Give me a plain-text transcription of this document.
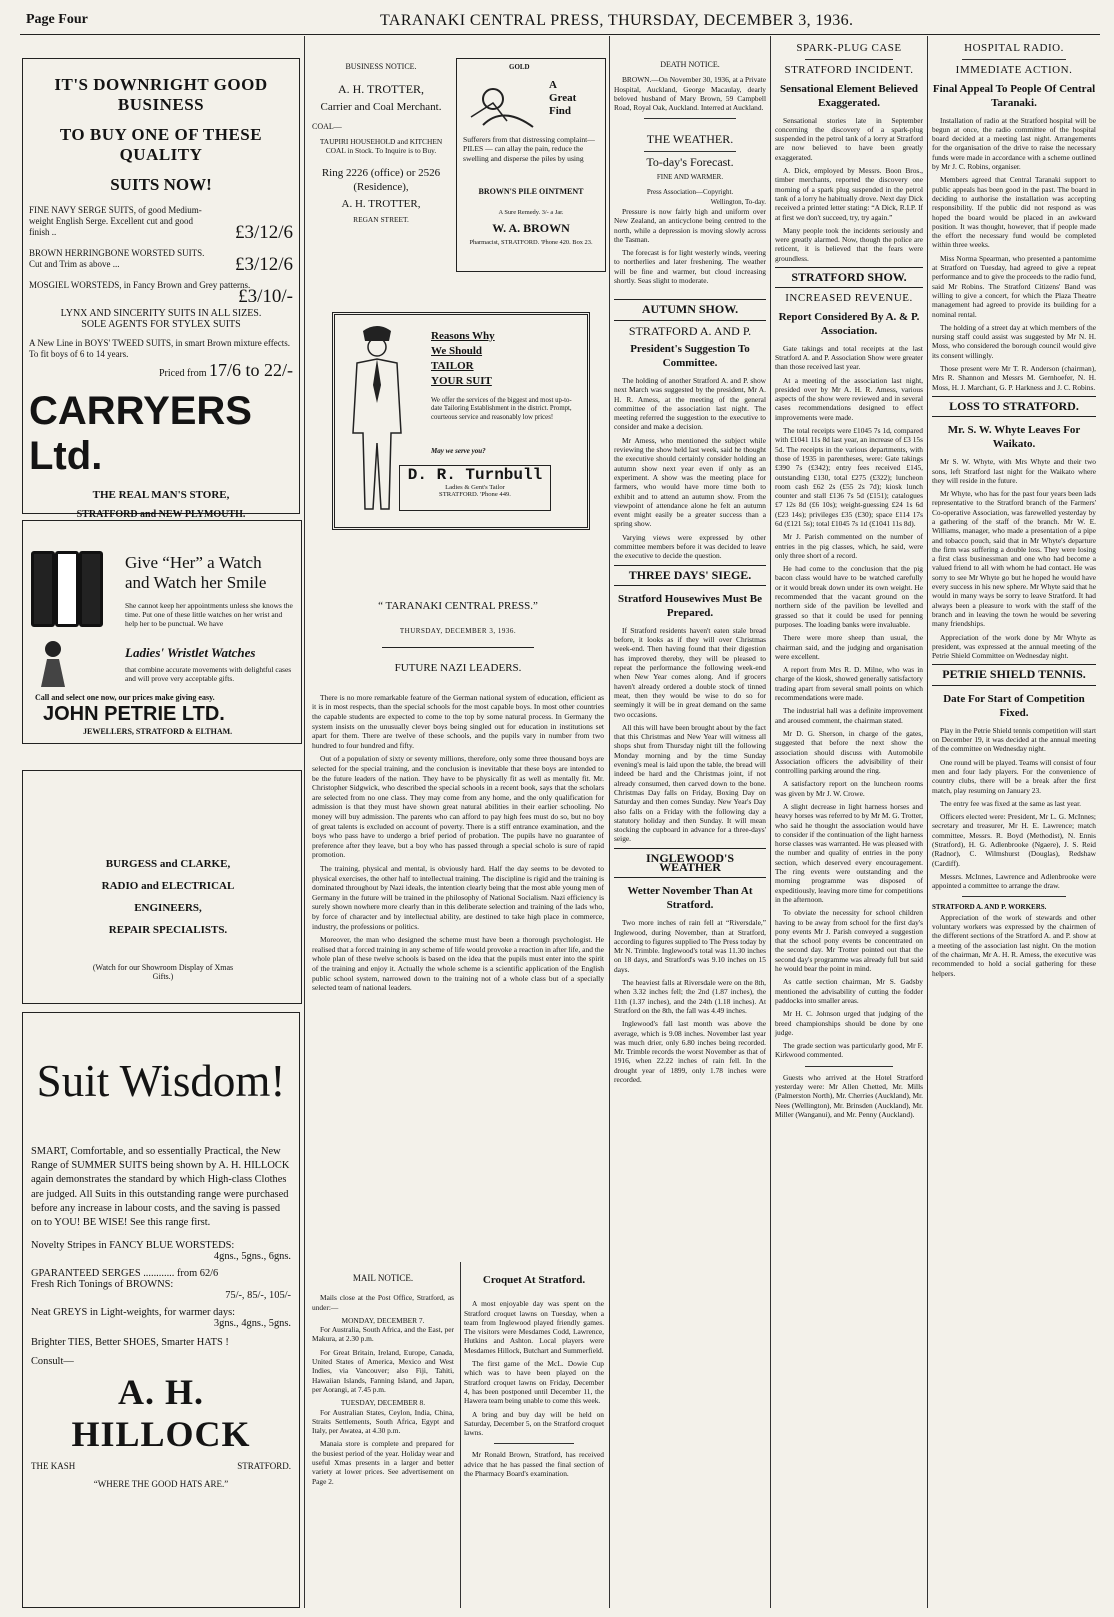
Page Four	TARANAKI CENTRAL PRESS, THURSDAY, DECEMBER 3, 1936.
IT'S DOWNRIGHT GOOD BUSINESS
TO BUY ONE OF THESE QUALITY
SUITS NOW!
FINE NAVY SERGE SUITS, of good Medium-weight English Serge. Excellent cut and good finish ..	£3/12/6
BROWN HERRINGBONE WORSTED SUITS. Cut and Trim as above ...	£3/12/6
MOSGIEL WORSTEDS, in Fancy Brown and Grey patterns.
£3/10/-
LYNX AND SINCERITY SUITS IN ALL SIZES.
SOLE AGENTS FOR STYLEX SUITS
A New Line in BOYS' TWEED SUITS, in smart Brown mixture effects. To fit boys of 6 to 14 years.
Priced from 17/6 to 22/-
CARRYERS Ltd.
THE REAL MAN'S STORE,
STRATFORD and NEW PLYMOUTH.
Give “Her” a Watch
and Watch her Smile
She cannot keep her appointments unless she knows the time. Put one of these little watches on her wrist and help her to be punctual. We have
Ladies' Wristlet Watches
that combine accurate movements with delightful cases and will prove very acceptable gifts.
Call and select one now, our prices make giving easy.
JOHN PETRIE LTD.
JEWELLERS, STRATFORD & ELTHAM.
BURGESS and CLARKE,
RADIO and ELECTRICAL
ENGINEERS,
REPAIR SPECIALISTS.
(Watch for our Showroom Display of Xmas Gifts.)
Suit Wisdom!
SMART, Comfortable, and so essentially Practical, the New Range of SUMMER SUITS being shown by A. H. HILLOCK again demonstrates the standard by which High-class Clothes are judged. All Suits in this outstanding range were purchased before any increase in labour costs, and the saving is passed on to YOU! BE WISE! See this range first.
Novelty Stripes in FANCY BLUE WORSTEDS:
4gns., 5gns., 6gns.
GPARANTEED SERGES ............ from 62/6
Fresh Rich Tonings of BROWNS:
75/-, 85/-, 105/-
Neat GREYS in Light-weights, for warmer days:
3gns., 4gns., 5gns.
Brighter TIES, Better SHOES, Smarter HATS !
Consult—
A. H. HILLOCK
THE KASH	STRATFORD.
“WHERE THE GOOD HATS ARE.”
BUSINESS NOTICE.
A. H. TROTTER,
Carrier and Coal Merchant.
COAL—
TAUPIRI HOUSEHOLD and KITCHEN COAL in Stock. To Inquire is to Buy.
Ring 2226 (office) or 2526 (Residence),
A. H. TROTTER,
REGAN STREET.
GOLD
A
Great
Find
Sufferers from that distressing complaint—PILES — can allay the pain, reduce the swelling and disperse the piles by using
BROWN'S PILE OINTMENT
A Sure Remedy. 3/- a Jar.
W. A. BROWN
Pharmacist, STRATFORD. 'Phone 420. Box 23.
Reasons Why
We Should
TAILOR
YOUR SUIT
We offer the services of the biggest and most up-to-date Tailoring Establishment in the district. Prompt, courteous service and reasonably low prices!
May we serve you?
D. R. Turnbull
Ladies & Gent's Tailor
STRATFORD. 'Phone 449.
“ TARANAKI CENTRAL PRESS.”
THURSDAY, DECEMBER 3, 1936.
FUTURE NAZI LEADERS.

There is no more remarkable feature of the German national system of education, efficient as it is in most respects, than the special schools for the most capable boys. In most other countries the capable students are expected to come to the top by some natural process. In Germany the system insists on the unusually clever boys being singled out for education in institutions set apart for them. There are twelve of these schools, and the pupils vary in number from two hundred to four hundred and fifty.

Out of a population of sixty or seventy millions, therefore, only some three thousand boys are selected for the special training, and the conclusion is inevitable that these boys are intended to be the future leaders of the nation. They have to be physically fit as well as mentally fit. Mr. Christopher Sidgwick, who described the special schools in a recent book, says that the scholars are selected from no one class. They may come from any home, and the only qualification for admission is that they must have shown great natural abilities in their earlier schooling. No money will buy admission. The parents who can afford to pay high fees must do so, but no boy of great talents is excluded on account of poverty. There is a stiff entrance examination, and the boys who pass have to undergo a brief period of probation. The pupils have no guarantee of preference after they leave, but a boy who has passed through a special scholo is sure of rapid promotion.

The training, physical and mental, is obviously hard. Half the day seems to be devoted to physical exercises, the other half to intellectual training. The discipline is rigid and the training is dominated throughout by Nazi ideals, the intention clearly being that the most able young men of Germany in the future will be trained in the philosophy of National Socialism. Nazi efficiency is surely shown nowhere more clearly than in this deliberate selection and training of the lads who, by force of character and by intellectual ability, are destined to take high place in commerce, industry, the professions or politics.

Moreover, the man who designed the scheme must have been a thorough psychologist. He realised that a forced training in any scheme of life would provoke a reaction in after life, and the whole plan of these twelve schools is based on the idea that the pupils must enter into the spirit of the training and enjoy it. Actually the whole scheme is a scientific application of the English public school system, narrowed down to the training not of a whole class but of a specially selected team of national leaders.

MAIL NOTICE.

Mails close at the Post Office, Stratford, as under:—

MONDAY, DECEMBER 7.

For Australia, South Africa, and the East, per Makura, at 2.30 p.m.

For Great Britain, Ireland, Europe, Canada, United States of America, Mexico and West Indies, via Vancouver; also Fiji, Tahiti, Hawaiian Islands, Fanning Island, and Japan, per Aorangi, at 7.45 p.m.

TUESDAY, DECEMBER 8.

For Australian States, Ceylon, India, China, Straits Settlements, South Africa, Egypt and Italy, per Awatea, at 4.30 p.m.

Manaia store is complete and prepared for the busiest period of the year. Holiday wear and useful Xmas presents in a larger and better variety at lower prices. See advertisement on Page 2.

Croquet At Stratford.

A most enjoyable day was spent on the Stratford croquet lawns on Tuesday, when a team from Inglewood played friendly games. The visitors were Mesdames Codd, Lawrence, Hutkins and Ashton. Local players were Mesdames Hillock, Butchart and Summerfield.

The first game of the McL. Dowie Cup which was to have been played on the Stratford croquet lawns on Friday, December 4, has been postponed until December 11, the Hawera team being unable to come this week.

A bring and buy day will be held on Saturday, December 5, on the Stratford croquet lawns.

Mr Ronald Brown, Stratford, has received advice that he has passed the final section of the Pharmacy Board's examination.

DEATH NOTICE.

BROWN.—On November 30, 1936, at a Private Hospital, Auckland, George Macaulay, dearly beloved husband of Mary Brown, 59 Campbell Road, Royal Oak, Auckland. Interred at Auckland.

THE WEATHER.
To-day's Forecast.
FINE AND WARMER.
Press Association—Copyright.
Wellington, To-day.

Pressure is now fairly high and uniform over New Zealand, an anticyclone being centred to the north, while a depression is moving slowly across the Tasman.

The forecast is for light westerly winds, veering to northerlies and later freshening. The weather will be fine and warmer, but cloud increasing shortly. Seas slight to moderate.

AUTUMN SHOW.
STRATFORD A. AND P.
President's Suggestion To Committee.

The holding of another Stratford A. and P. show next March was suggested by the president, Mr A. H. R. Amess, at the meeting of the general committee of the association last night. The meeting referred the suggestion to the executive to consider and make a decision.

Mr Amess, who mentioned the subject while reviewing the show held last week, said he thought the executive should certainly consider holding an autumn show next year even if only as an experiment. A show was the meeting place for farmers, who would have more time both to exhibit and to attend an autumn show. From the viewpoint of attendance alone he felt an autumn event might easily be a greater success than a spring show.

Varying views were expressed by other committee members before it was decided to leave the executive to decide the question.

THREE DAYS' SIEGE.
Stratford Housewives Must Be Prepared.

If Stratford residents haven't eaten stale bread before, it looks as if they will over Christmas week-end. Then having found that their digestion has improved thereby, they will be pleased to repeat the performance the following week-end when New Year comes along. And if grocers haven't already ordered a double stock of tinned meat, then they would be wise to do so for seemingly it will be in great demand on the same two occasions.

All this will have been brought about by the fact that this Christmas and New Year will witness all shops shut from Thursday night till the following Monday morning and by the time Sunday evening's meal is laid upon the table, the bread will indeed be hard and the Christmas joint, if not already consumed, then carved down to the bone. Christmas Day falls on Friday, Boxing Day on Saturday and then comes Sunday. New Year's Day also falls on a Friday with the following day a statutory holiday and then Sunday. It will mean stocking the cupboard in advance for a three-days' seige.

INGLEWOOD'S WEATHER
Wetter November Than At Stratford.

Two more inches of rain fell at “Riversdale,” Inglewood, during November, than at Stratford, according to figures supplied to The Press today by Mr N. Trimble. Inglewood's total was 11.30 inches on 18 days, and Stratford's was 9.10 inches on 15 days.

The heaviest falls at Riversdale were on the 8th, when 3.32 inches fell; the 2nd (1.87 inches), the 11th (1.37 inches), and the 24th (1.18 inches). At Stratford on the 8th, the fall was 4.49 inches.

Inglewood's fall last month was above the average, which is 9.08 inches. November last year was much drier, only 6.80 inches being recorded. Mr. Trimble records the worst November as that of 1916, when 22.22 inches of rain fell. In the drought year of 1899, only 1.78 inches were recorded.

SPARK-PLUG CASE
STRATFORD INCIDENT.
Sensational Element Believed Exaggerated.

Sensational stories late in September concerning the discovery of a spark-plug suspended in the petrol tank of a lorry at Stratford are now believed to have been greatly exaggerated.

A. Dick, employed by Messrs. Boon Bros., timber merchants, reported the discovery one morning of a spark plug suspended in the petrol tank of a lorry he habitually drove. Next day Dick received a printed letter stating: “A Dick, R.I.P. If at first we don't succeed, try, try again.”

Many people took the incidents seriously and were greatly alarmed. Now, though the police are reticent, it is believed that the fears were groundless.

STRATFORD SHOW.
INCREASED REVENUE.
Report Considered By A. & P. Association.

Gate takings and total receipts at the last Stratford A. and P. Association Show were greater than those received last year.

At a meeting of the association last night, presided over by Mr A. H. R. Amess, various aspects of the show were reviewed and in several cases recommendations designed to effect improvements were made.

The total receipts were £1045 7s 1d, compared with £1041 11s 8d last year, an increase of £3 15s 5d. The receipts in the various departments, with those of 1935 in parentheses, were: Gate takings £390 7s (£342); entry fees received £145, outstanding £130, total £275 (£322); luncheon room cash £62 2s (£55 2s 7d); kiosk lunch counter and stall £136 7s 5d (£151); catalogues £7 12s 8d (£6 10s); weight-guessing £24 1s 6d (£23 14s); privileges £35 (£30); space £114 17s 6d (£121 5s); total £1045 7s 1d (£1041 11s 8d).

Mr J. Parish commented on the number of entries in the pig classes, which, he said, were only three short of a record.

He had come to the conclusion that the pig bacon class would have to be watched carefully or it would break down under its own weight. He recommended that the vacant ground on the northern side of the pavilion be levelled and grassed so that it could be used for penning purposes. The loading banks were invaluable.

There were more sheep than usual, the chairman said, and the judging and organisation were excellent.

A report from Mrs R. D. Milne, who was in charge of the kiosk, showed generally satisfactory trading apart from several small points on which recommendations were made.

The industrial hall was a definite improvement and aroused comment, the chairman stated.

Mr D. G. Sherson, in charge of the gates, suggested that before the next show the association should discuss with Automobile Association officers the advisibility of their controlling parking around the ring.

A satisfactory report on the luncheon rooms was given by Mr J. W. Crowe.

A slight decrease in light harness horses and heavy horses was referred to by Mr M. G. Trotter, who said he thought the association would have to consider if the continuation of the light harness horse classes was warranted. He was pleased with the number and quality of entries in the pony section, which deserved every encouragement. The ring events were outstanding and the morning programme was disposed of expeditiously, leaving more time for competitions in the afternoon.

To obviate the necessity for school children having to be away from school for the first day's pony events Mr J. Parish conveyed a suggestion that the school pony events be concentrated on the second day. Mr Trotter pointed out that the second day's programme was already full but said he would bear the point in mind.

As cattle section chairman, Mr S. Gadsby mentioned the advisability of cutting the fodder paddocks into smaller areas.

Mr H. C. Johnson urged that judging of the breed championships should be done by one judge.

The grade section was particularly good, Mr F. Kirkwood commented.

Guests who arrived at the Hotel Stratford yesterday were: Mr Allen Chetted, Mr. Mills (Palmerston North), Mr. Cherries (Auckland), Mr. Nees (Wellington), Mr. Brinsden (Auckland), Mr. Miller (Wanganui), and Mr. Penny (Auckland).

HOSPITAL RADIO.
IMMEDIATE ACTION.
Final Appeal To People Of Central Taranaki.

Installation of radio at the Stratford hospital will be begun at once, the radio committee of the hospital board decided at a meeting last night. Arrangements for the organisation of the drive to raise the necessary funds were made in accordance with a scheme outlined by Mr J. C. Robins, organiser.

Members agreed that Central Taranaki support to public appeals has been good in the past. The board in deciding to authorise the installation was accepting responsibility. If the public did not respond as was hoped the board would be placed in an awkward position. It was thought, however, that if people made the effort the necessary fund would be completed within three weeks.

Miss Norma Spearman, who presented a pantomime at Stratford on Tuesday, had agreed to give a repeat performance and to give the proceeds to the radio fund, said Mr Robins. The Stratford Citizens' Band was willing to give a concert, for which the Plaza Theatre management had agreed to provide its building for a nominal rental.

The holding of a street day at which members of the nursing staff could assist was suggested by Mr N. H. Moss, who considered the borough council would give its consent willingly.

Those present were Mr T. R. Anderson (chairman), Mrs R. Shannon and Messrs M. Gernhoefer, N. H. Moss, H. J. Marchant, G. P. Harkness and J. C. Robins.

LOSS TO STRATFORD.
Mr. S. W. Whyte Leaves For Waikato.

Mr S. W. Whyte, with Mrs Whyte and their two sons, left Stratford last night for the Waikato where they will reside in the future.

Mr Whyte, who has for the past four years been lads representative to the Stratford branch of the Farmers' Co-operative Association, was farewelled yesterday by a gathering of the staff of the branch. Mr W. E. Williams, manager, who made a presentation of a pipe and tobacco pouch, said that in Mr Whyte's departure the firm was suffering a double loss. They were losing a first class businessman and one who had become a valued friend to all with whom he had contact. He was sorry to see Mr Whyte go but he hoped he would have every success in his new sphere. Mr Whyte said that he would in many ways be sorry to leave Stratford. It had always been a pleasure to work with the staff of the branch and in leaving the town he would be severing many friendships.

Appreciation of the work done by Mr Whyte as president, was expressed at the annual meeting of the Petrie Shield Committee on Wednesday night.

PETRIE SHIELD TENNIS.
Date For Start of Competition Fixed.

Play in the Petrie Shield tennis competition will start on December 19, it was decided at the annual meeting of the committee on Wednesday night.

One round will be played. Teams will consist of four men and four lady players. For the convenience of country clubs, there will be a break after the first match, play resuming on January 23.

The entry fee was fixed at the same as last year.

Officers elected were: President, Mr L. G. McInnes; secretary and treasurer, Mr H. E. Lawrence; match committee, Messrs. R. Boyd (Methodist), N. Ennis (Stratford), H. G. Adlenbrooke (Ngaere), J. S. Reid (Radnor), C. Wilmshurst (Douglas), Redshaw (Cardiff).

Messrs. McInnes, Lawrence and Adlenbrooke were appointed a committee to arrange the draw.

STRATFORD A. AND P. WORKERS.

Appreciation of the work of stewards and other voluntary workers was expressed by the chairmen of the different sections of the Stratford A. and P. show at a meeting of the association last night. On the motion of the chairman, Mr A. H. R. Amess, the executive was recommended to hold a social gathering for these helpers.
